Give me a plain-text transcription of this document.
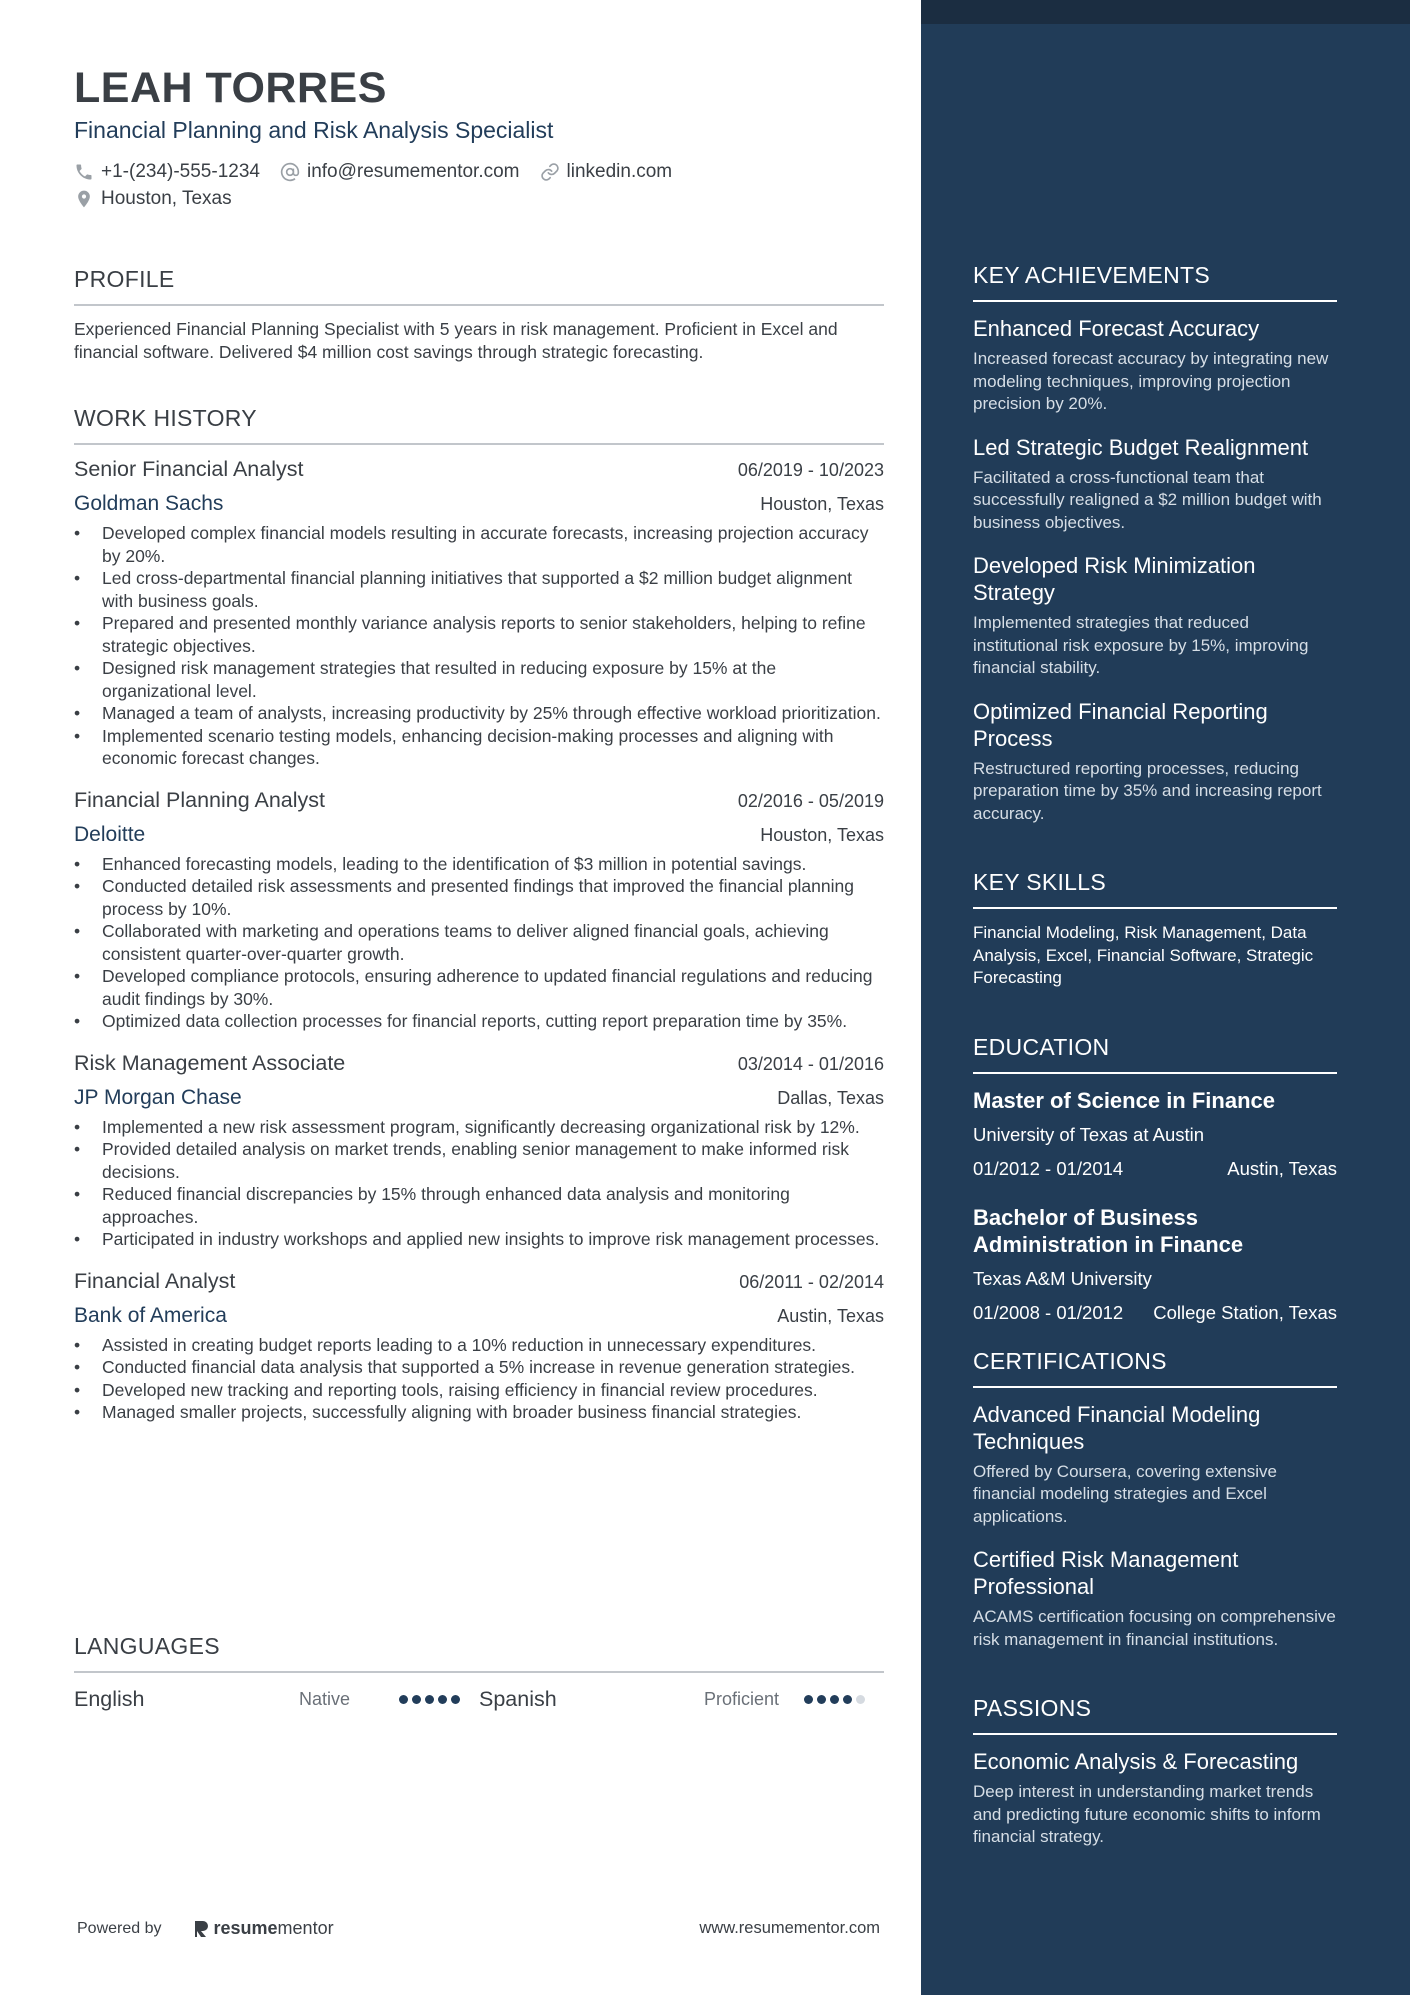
KEY ACHIEVEMENTS
Enhanced Forecast Accuracy
Increased forecast accuracy by integrating new modeling techniques, improving projection precision by 20%.
Led Strategic Budget Realignment
Facilitated a cross-functional team that successfully realigned a $2 million budget with business objectives.
Developed Risk Minimization Strategy
Implemented strategies that reduced institutional risk exposure by 15%, improving financial stability.
Optimized Financial Reporting Process
Restructured reporting processes, reducing preparation time by 35% and increasing report accuracy.
KEY SKILLS
Financial Modeling, Risk Management, Data Analysis, Excel, Financial Software, Strategic Forecasting
EDUCATION
Master of Science in Finance
University of Texas at Austin
01/2012 - 01/2014	Austin, Texas
Bachelor of Business Administration in Finance
Texas A&M University
01/2008 - 01/2012 College Station, Texas
CERTIFICATIONS
Advanced Financial Modeling Techniques
Offered by Coursera, covering extensive financial modeling strategies and Excel applications.
Certified Risk Management Professional
ACAMS certification focusing on comprehensive risk management in financial institutions.
PASSIONS
Economic Analysis & Forecasting
Deep interest in understanding market trends and predicting future economic shifts to inform financial strategy.
LEAH TORRES
Financial Planning and Risk Analysis Specialist
+1-(234)-555-1234 info@resumementor.com linkedin.com
Houston, Texas
PROFILE

Experienced Financial Planning Specialist with 5 years in risk management. Proficient in Excel and financial software. Delivered $4 million cost savings through strategic forecasting.

WORK HISTORY
Senior Financial Analyst	06/2019 - 10/2023
Goldman Sachs	Houston, Texas
• Developed complex financial models resulting in accurate forecasts, increasing projection accuracy by 20%.
• Led cross-departmental financial planning initiatives that supported a $2 million budget alignment with business goals.
• Prepared and presented monthly variance analysis reports to senior stakeholders, helping to refine strategic objectives.
• Designed risk management strategies that resulted in reducing exposure by 15% at the organizational level.
• Managed a team of analysts, increasing productivity by 25% through effective workload prioritization.
• Implemented scenario testing models, enhancing decision-making processes and aligning with economic forecast changes.
Financial Planning Analyst	02/2016 - 05/2019
Deloitte	Houston, Texas
• Enhanced forecasting models, leading to the identification of $3 million in potential savings.
• Conducted detailed risk assessments and presented findings that improved the financial planning process by 10%.
• Collaborated with marketing and operations teams to deliver aligned financial goals, achieving consistent quarter-over-quarter growth.
• Developed compliance protocols, ensuring adherence to updated financial regulations and reducing audit findings by 30%.
• Optimized data collection processes for financial reports, cutting report preparation time by 35%.
Risk Management Associate	03/2014 - 01/2016
JP Morgan Chase	Dallas, Texas
• Implemented a new risk assessment program, significantly decreasing organizational risk by 12%.
• Provided detailed analysis on market trends, enabling senior management to make informed risk decisions.
• Reduced financial discrepancies by 15% through enhanced data analysis and monitoring approaches.
• Participated in industry workshops and applied new insights to improve risk management processes.
Financial Analyst	06/2011 - 02/2014
Bank of America	Austin, Texas
• Assisted in creating budget reports leading to a 10% reduction in unnecessary expenditures.
• Conducted financial data analysis that supported a 5% increase in revenue generation strategies.
• Developed new tracking and reporting tools, raising efficiency in financial review procedures.
• Managed smaller projects, successfully aligning with broader business financial strategies.
LANGUAGES
English	Native	Spanish	Proficient
Powered by	resume mentor	www.resumementor.com
